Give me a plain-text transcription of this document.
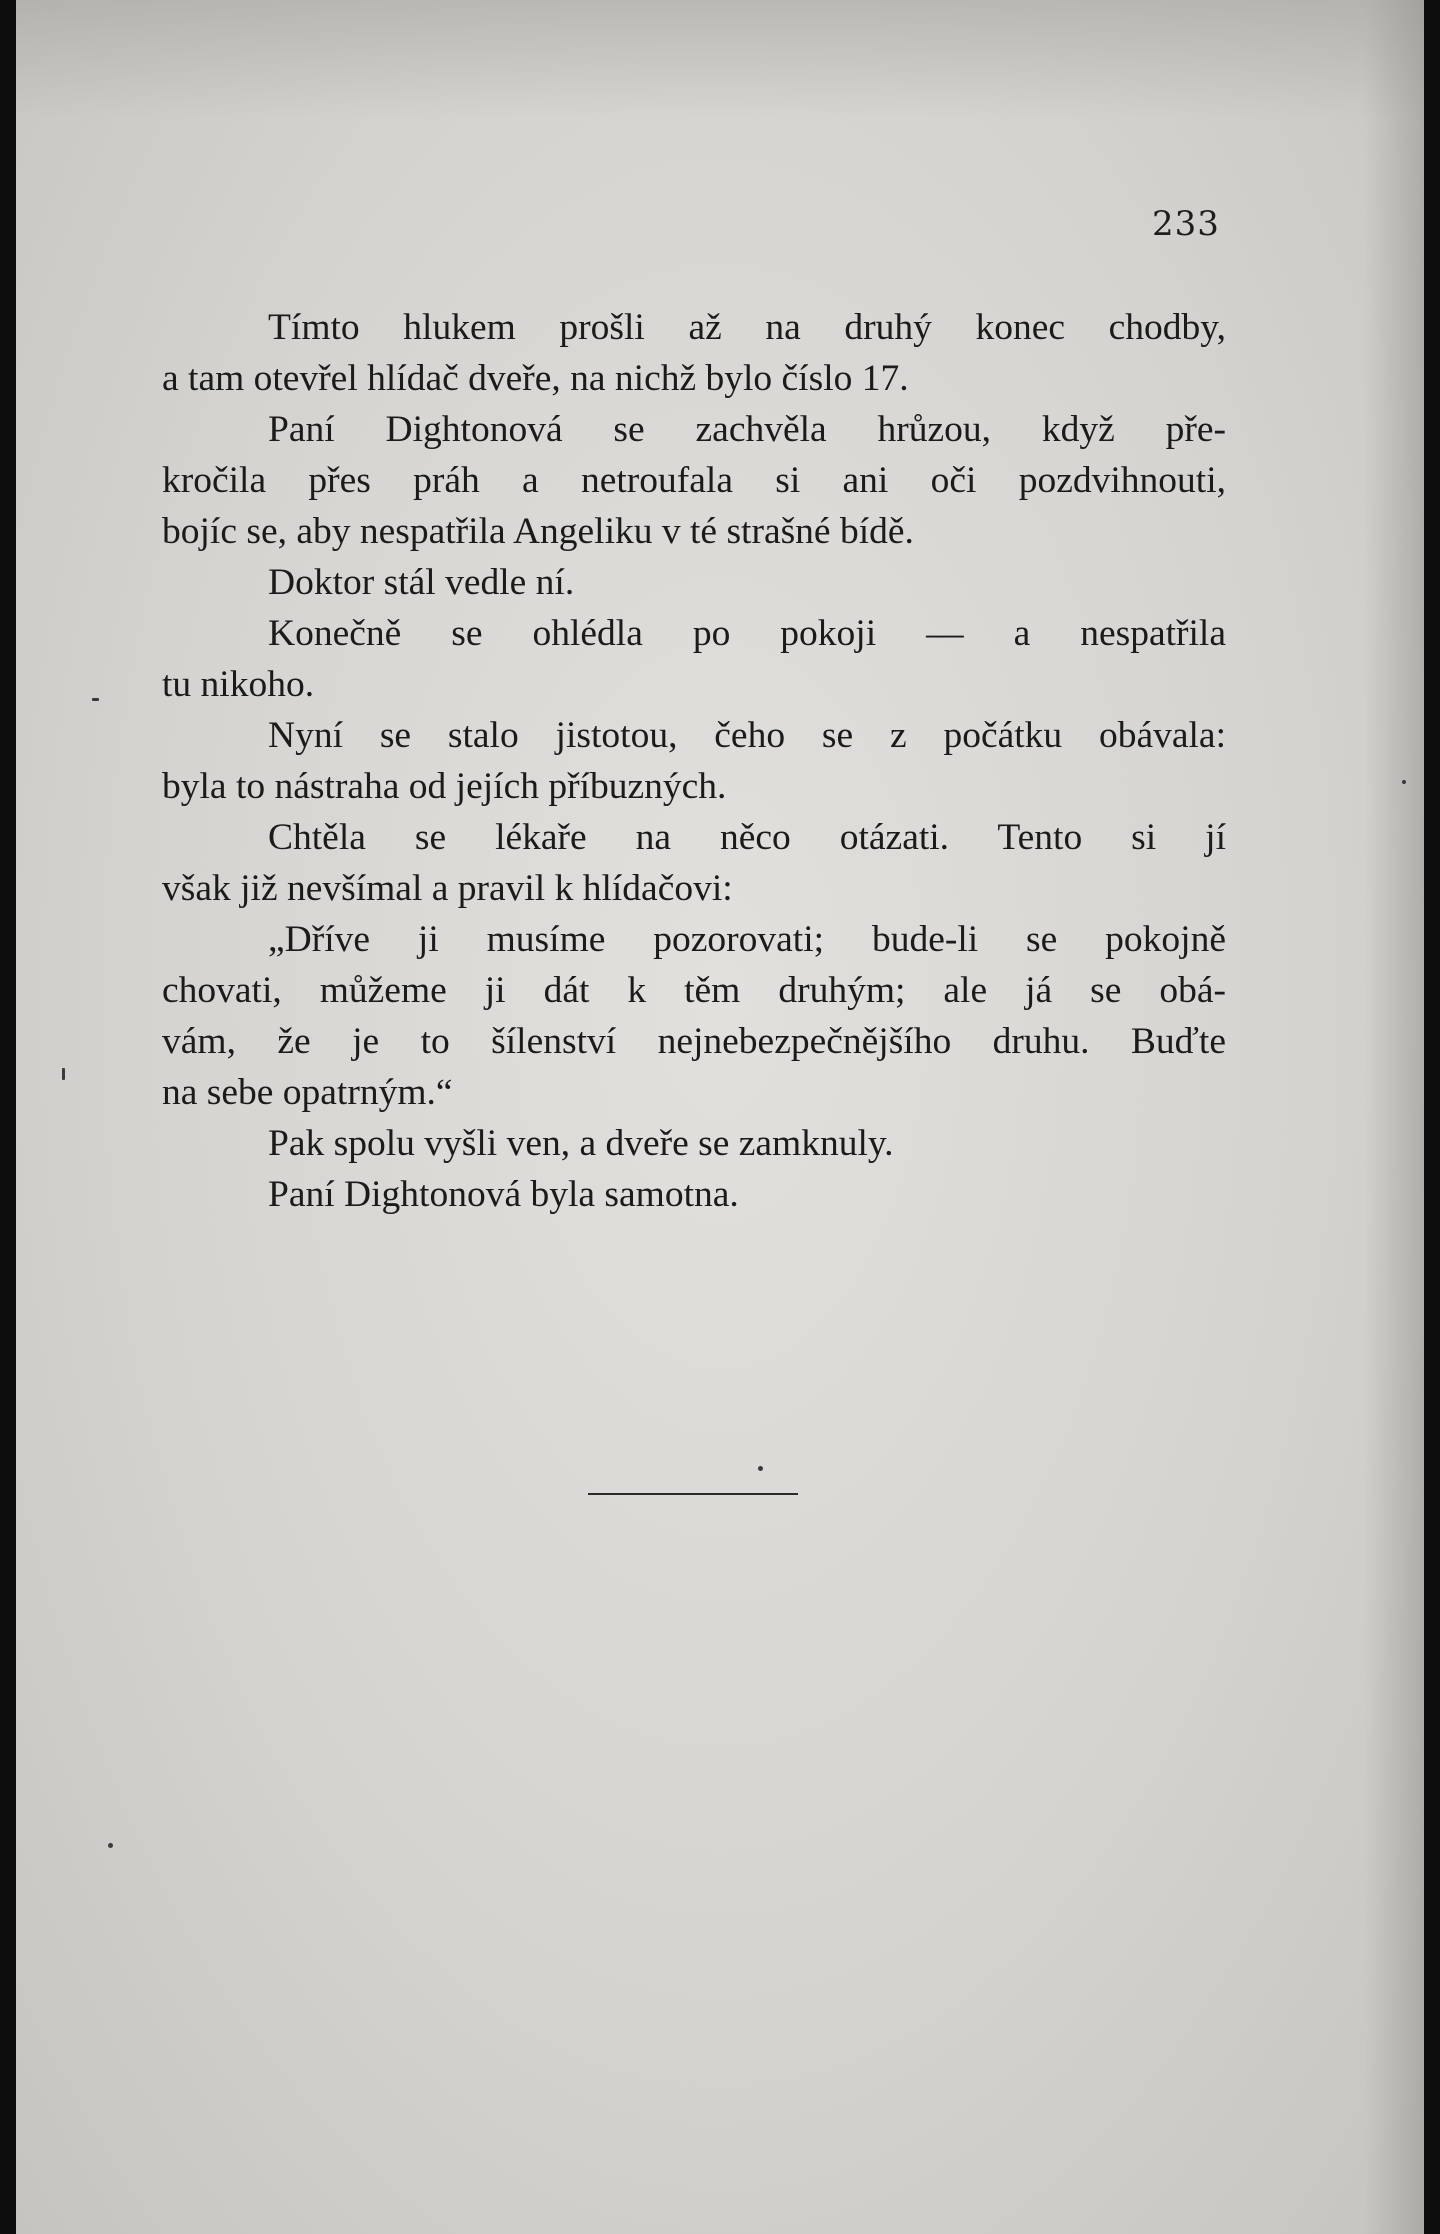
233
Tímto hlukem prošli až na druhý konec chodby,
a tam otevřel hlídač dveře, na nichž bylo číslo 17.
Paní Dightonová se zachvěla hrůzou, když pře-
kročila přes práh a netroufala si ani oči pozdvihnouti,
bojíc se, aby nespatřila Angeliku v té strašné bídě.
Doktor stál vedle ní.
Konečně se ohlédla po pokoji — a nespatřila
tu nikoho.
Nyní se stalo jistotou, čeho se z počátku obávala:
byla to nástraha od jejích příbuzných.
Chtěla se lékaře na něco otázati. Tento si jí
však již nevšímal a pravil k hlídačovi:
„Dříve ji musíme pozorovati; bude-li se pokojně
chovati, můžeme ji dát k těm druhým; ale já se obá-
vám, že je to šílenství nejnebezpečnějšího druhu. Buďte
na sebe opatrným.“
Pak spolu vyšli ven, a dveře se zamknuly.
Paní Dightonová byla samotna.
